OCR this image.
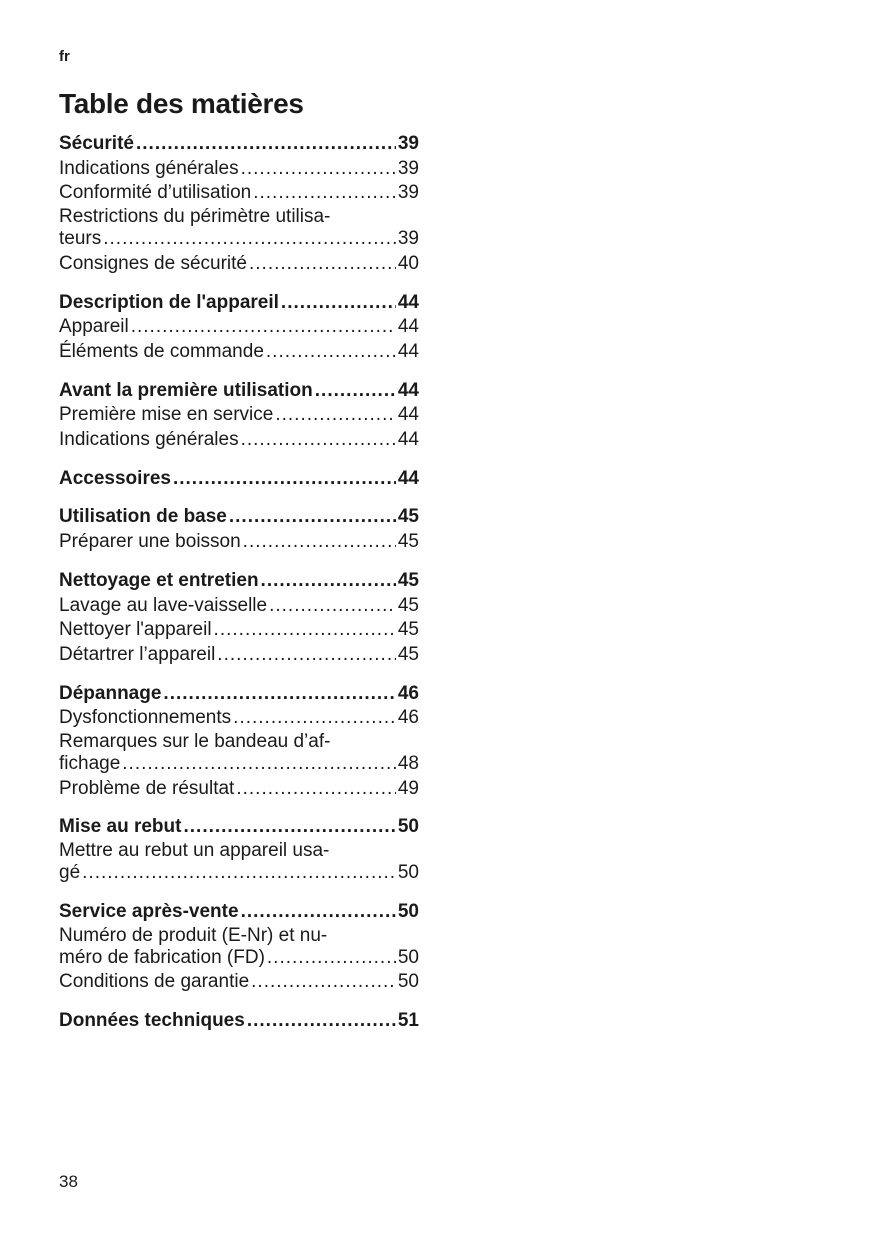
fr
Table des matières
Sécurité .....	39
Indications générales .....	39
Conformité d’utilisation .....	39
Restrictions du périmètre utilisa-
teurs .....	39
Consignes de sécurité .....	40
Description de l'appareil .....	44
Appareil .....	44
Éléments de commande .....	44
Avant la première utilisation .....	44
Première mise en service .....	44
Indications générales .....	44
Accessoires .....	44
Utilisation de base .....	45
Préparer une boisson .....	45
Nettoyage et entretien .....	45
Lavage au lave-vaisselle .....	45
Nettoyer l'appareil .....	45
Détartrer l’appareil .....	45
Dépannage .....	46
Dysfonctionnements .....	46
Remarques sur le bandeau d’af-
fichage .....	48
Problème de résultat .....	49
Mise au rebut .....	50
Mettre au rebut un appareil usa-
gé .....	50
Service après-vente .....	50
Numéro de produit (E-Nr) et nu-
méro de fabrication (FD) .....	50
Conditions de garantie .....	50
Données techniques .....	51
38
